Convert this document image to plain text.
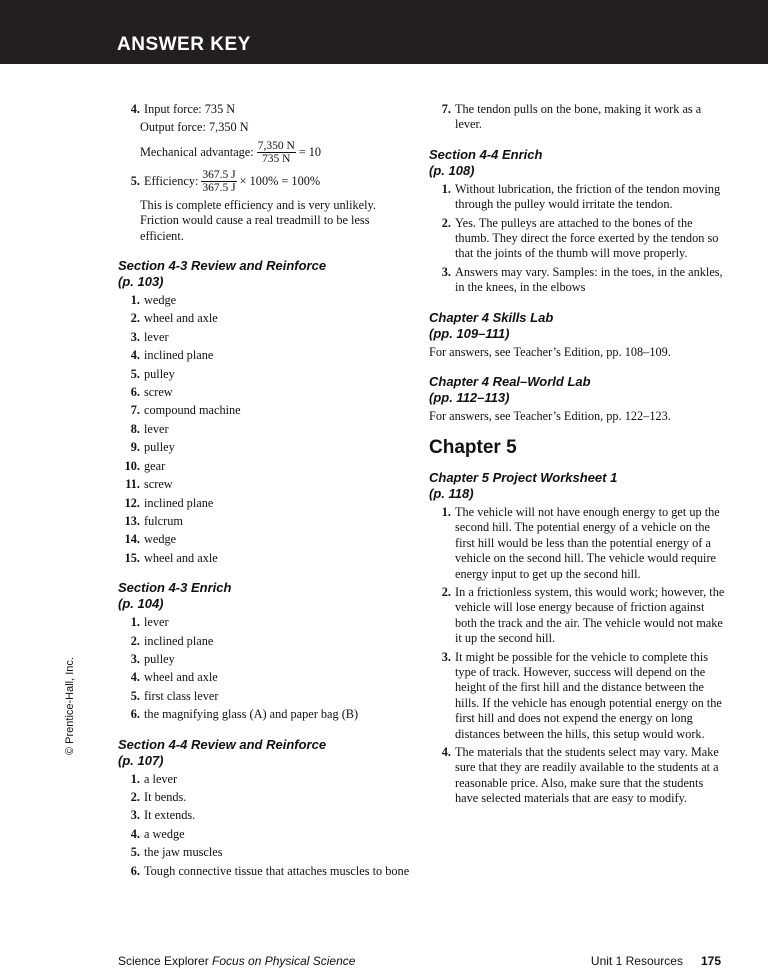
ANSWER KEY
© Prentice-Hall, Inc.
4. Input force: 735 N
Output force: 7,350 N
Mechanical advantage: $\frac{7,350 N}{735 N} = 10$
5. Efficiency: $\frac{367.5 J}{367.5 J} \times 100\% = 100\%$
This is complete efficiency and is very unlikely. Friction would cause a real treadmill to be less efficient.
Section 4-3 Review and Reinforce
(p. 103)
1. wedge
2. wheel and axle
3. lever
4. inclined plane
5. pulley
6. screw
7. compound machine
8. lever
9. pulley
10. gear
11. screw
12. inclined plane
13. fulcrum
14. wedge
15. wheel and axle
Section 4-3 Enrich
(p. 104)
1. lever
2. inclined plane
3. pulley
4. wheel and axle
5. first class lever
6. the magnifying glass (A) and paper bag (B)
Section 4-4 Review and Reinforce
(p. 107)
1. a lever
2. It bends.
3. It extends.
4. a wedge
5. the jaw muscles
6. Tough connective tissue that attaches muscles to bone
7. The tendon pulls on the bone, making it work as a lever.
Section 4-4 Enrich
(p. 108)
1. Without lubrication, the friction of the tendon moving through the pulley would irritate the tendon.
2. Yes. The pulleys are attached to the bones of the thumb. They direct the force exerted by the tendon so that the joints of the thumb will move properly.
3. Answers may vary. Samples: in the toes, in the ankles, in the knees, in the elbows
Chapter 4 Skills Lab
(pp. 109–111)
For answers, see Teacher’s Edition, pp. 108–109.
Chapter 4 Real–World Lab
(pp. 112–113)
For answers, see Teacher’s Edition, pp. 122–123.
Chapter 5
Chapter 5 Project Worksheet 1
(p. 118)
1. The vehicle will not have enough energy to get up the second hill. The potential energy of a vehicle on the first hill would be less than the potential energy of a vehicle on the second hill. The vehicle would require energy input to get up the second hill.
2. In a frictionless system, this would work; however, the vehicle will lose energy because of friction against both the track and the air. The vehicle would not make it up the second hill.
3. It might be possible for the vehicle to complete this type of track. However, success will depend on the height of the first hill and the distance between the hills. If the vehicle has enough potential energy on the first hill and does not expend the energy on long distances between the hills, this setup would work.
4. The materials that the students select may vary. Make sure that they are readily available to the students at a reasonable price. Also, make sure that the students have selected materials that are easy to modify.
Science Explorer Focus on Physical Science	Unit 1 Resources 175
